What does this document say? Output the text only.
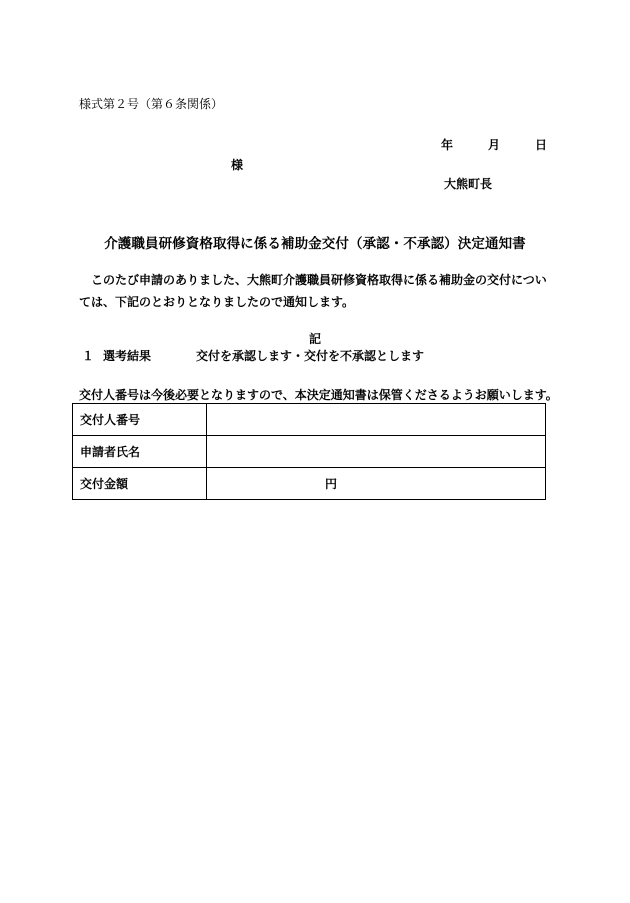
様式第２号（第６条関係）
年	月	日
様
大熊町長
介護職員研修資格取得に係る補助金交付（承認・不承認）決定通知書
　このたび申請のありました、大熊町介護職員研修資格取得に係る補助金の交付については、下記のとおりとなりましたので通知します。
記
１ 選考結果	交付を承認します・交付を不承認とします
交付人番号は今後必要となりますので、本決定通知書は保管くださるようお願いします。
交付人番号	
申請者氏名	
交付金額	円
